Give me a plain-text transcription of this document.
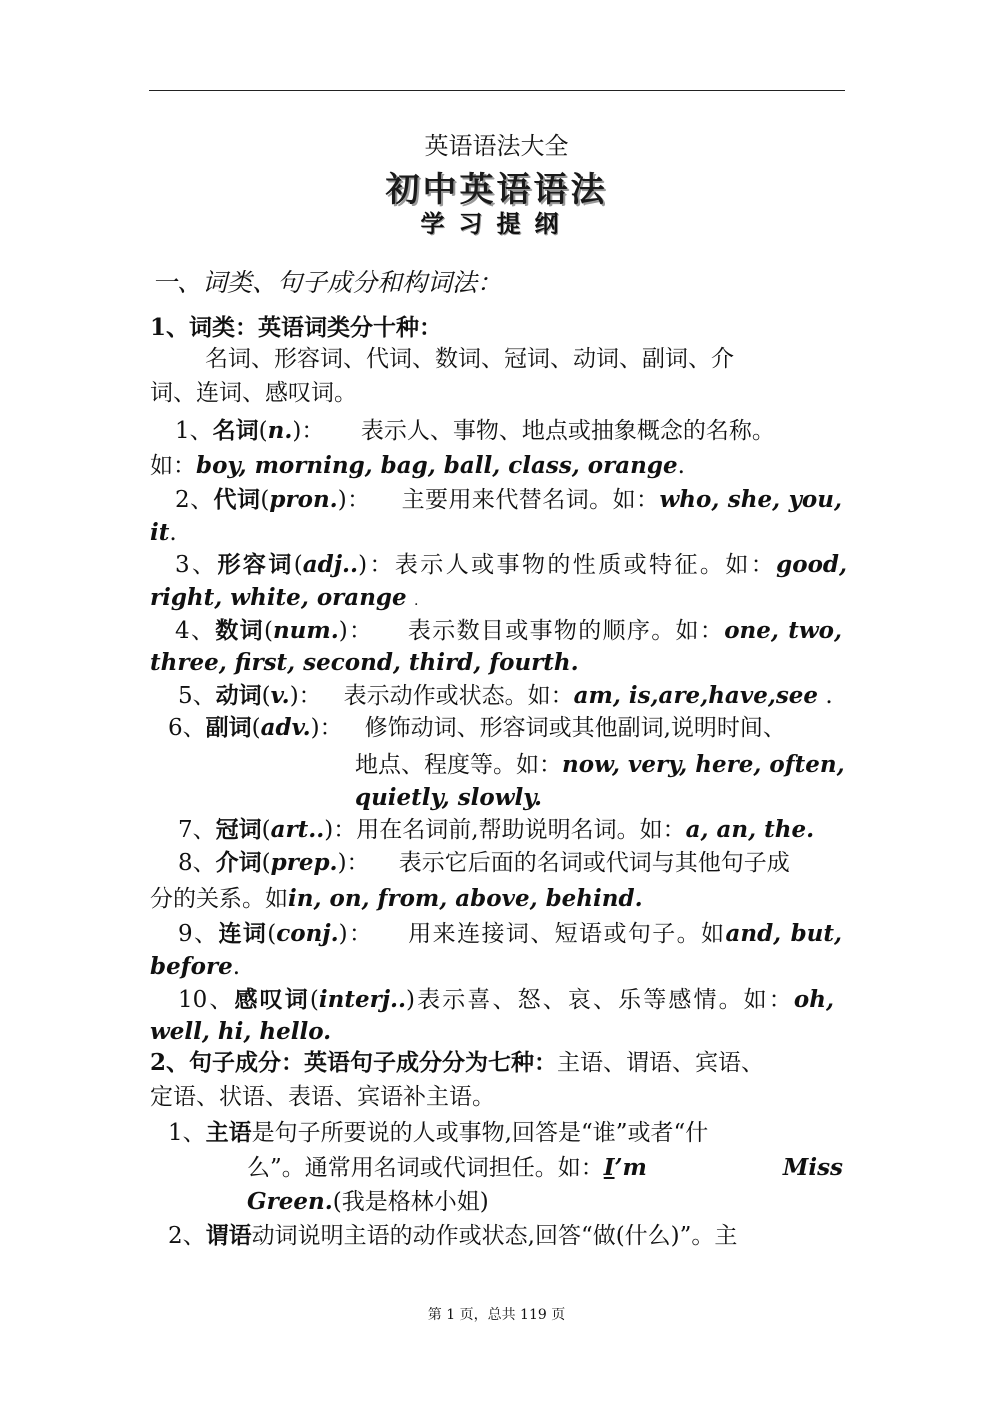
英语语法大全
初中英语语法
学习提纲
一、词类、句子成分和构词法：
1、词类：英语词类分十种：
名词、形容词、代词、数词、冠词、动词、副词、介
词、连词、感叹词。
1、名词(n.)：     表示人、事物、地点或抽象概念的名称。
如：boy, morning, bag, ball, class, orange.
2、代词(pron.)：    主要用来代替名词。如：who, she, you,
it.
3、形容词(adj..)：表示人或事物的性质或特征。如：good,
right, white, orange .
4、数词(num.)：    表示数目或事物的顺序。如：one, two,
three, first, second, third, fourth.
5、动词(v.)：   表示动作或状态。如：am, is,are,have,see .
6、副词(adv.)：   修饰动词、形容词或其他副词,说明时间、
地点、程度等。如：now, very, here, often,
quietly, slowly.
7、冠词(art..)：用在名词前,帮助说明名词。如：a, an, the.
8、介词(prep.)：    表示它后面的名词或代词与其他句子成
分的关系。如in, on, from, above, behind.
9、连词(conj.)：    用来连接词、短语或句子。如and, but,
before.
10、感叹词(interj..)表示喜、怒、哀、乐等感情。如：oh,
well, hi, hello.
2、句子成分：英语句子成分分为七种：主语、谓语、宾语、
定语、状语、表语、宾语补主语。
1、主语是句子所要说的人或事物,回答是“谁”或者“什
么”。通常用名词或代词担任。如：I’m	Miss
Green.(我是格林小姐)
2、谓语动词说明主语的动作或状态,回答“做(什么)”。主
第 1 页，总共 119 页
